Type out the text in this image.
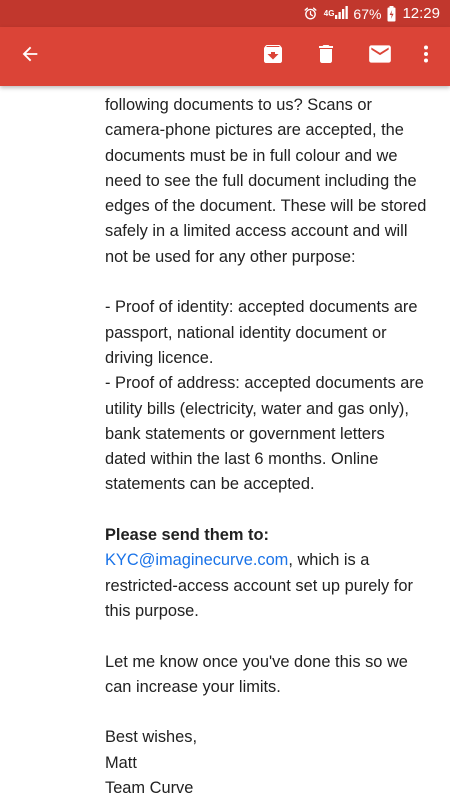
4G 67% 12:29

following documents to us? Scans or camera-phone pictures are accepted, the documents must be in full colour and we need to see the full document including the edges of the document. These will be stored safely in a limited access account and will not be used for any other purpose:

- Proof of identity: accepted documents are passport, national identity document or driving licence.

- Proof of address: accepted documents are utility bills (electricity, water and gas only), bank statements or government letters dated within the last 6 months. Online statements can be accepted.

Please send them to:

KYC@imaginecurve.com, which is a restricted-access account set up purely for this purpose.

Let me know once you've done this so we can increase your limits.

Best wishes,

Matt

Team Curve
